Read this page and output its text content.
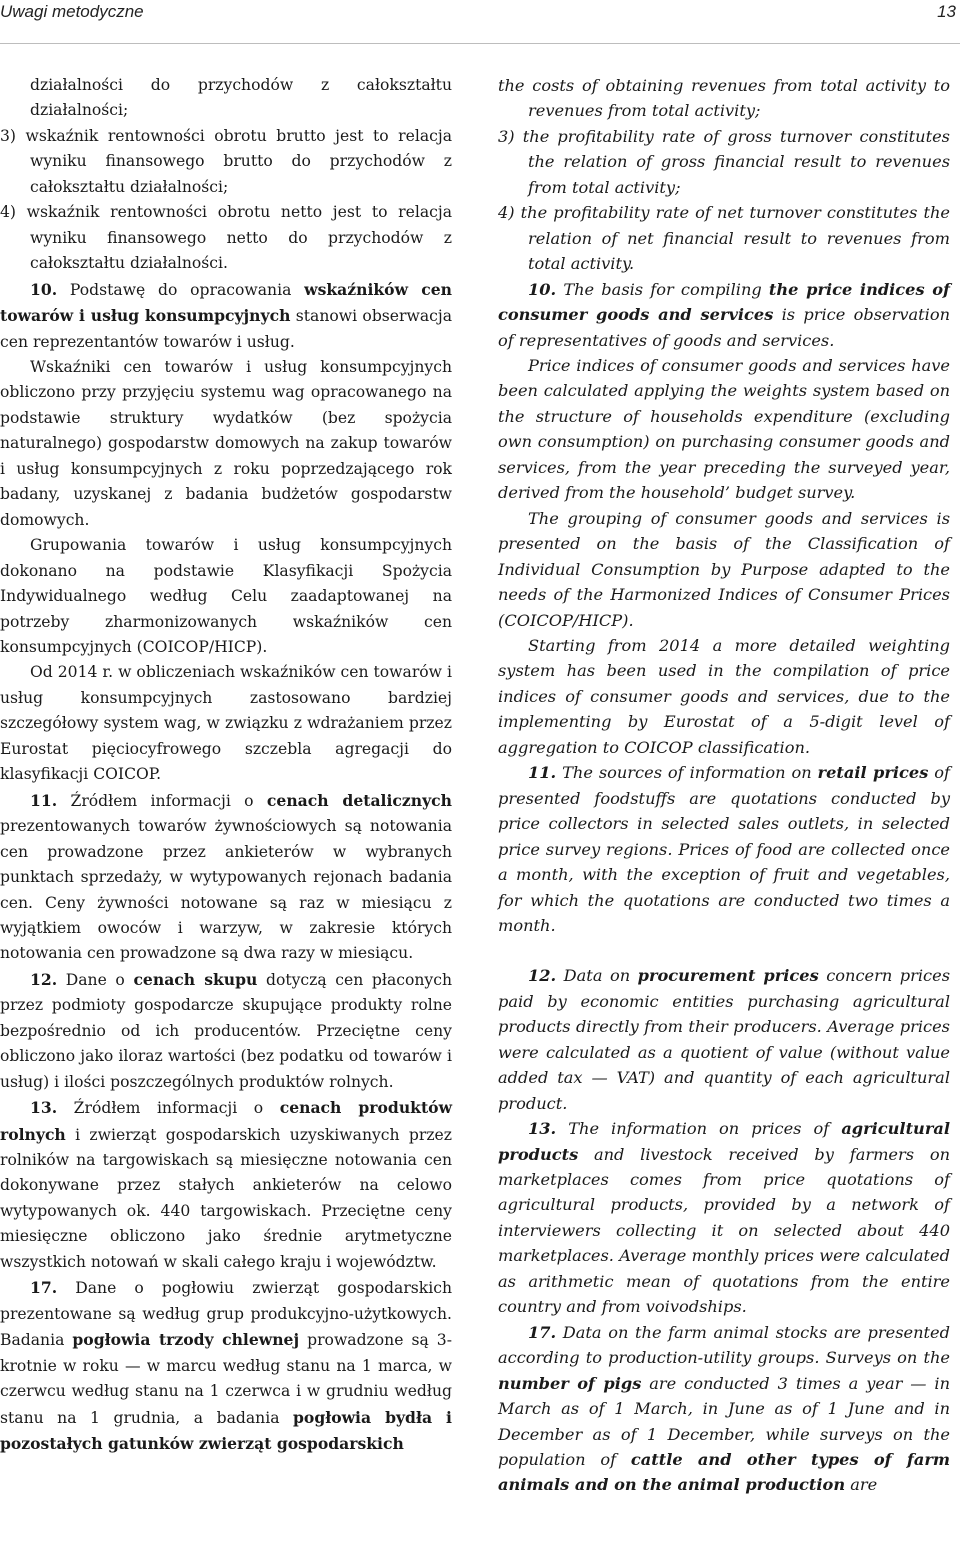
Uwagi metodyczne	13

działalności do przychodów z całokształtu działalności;

3) wskaźnik rentowności obrotu brutto jest to relacja wyniku finansowego brutto do przychodów z całokształtu działalności;

4) wskaźnik rentowności obrotu netto jest to relacja wyniku finansowego netto do przychodów z całokształtu działalności.

10. Podstawę do opracowania wskaźników cen towarów i usług konsumpcyjnych stanowi obserwacja cen reprezentantów towarów i usług.

Wskaźniki cen towarów i usług konsumpcyjnych obliczono przy przyjęciu systemu wag opracowanego na podstawie struktury wydatków (bez spożycia naturalnego) gospodarstw domowych na zakup towarów i usług konsumpcyjnych z roku poprzedzającego rok badany, uzyskanej z badania budżetów gospodarstw domowych.

Grupowania towarów i usług konsumpcyjnych dokonano na podstawie Klasyfikacji Spożycia Indywidualnego według Celu zaadaptowanej na potrzeby zharmonizowanych wskaźników cen konsumpcyjnych (COICOP/HICP).

Od 2014 r. w obliczeniach wskaźników cen towarów i usług konsumpcyjnych zastosowano bardziej szczegółowy system wag, w związku z wdrażaniem przez Eurostat pięciocyfrowego szczebla agregacji do klasyfikacji COICOP.

11. Źródłem informacji o cenach detalicznych prezentowanych towarów żywnościowych są notowania cen prowadzone przez ankieterów w wybranych punktach sprzedaży, w wytypowanych rejonach badania cen. Ceny żywności notowane są raz w miesiącu z wyjątkiem owoców i warzyw, w zakresie których notowania cen prowadzone są dwa razy w miesiącu.

12. Dane o cenach skupu dotyczą cen płaconych przez podmioty gospodarcze skupujące produkty rolne bezpośrednio od ich producentów. Przeciętne ceny obliczono jako iloraz wartości (bez podatku od towarów i usług) i ilości poszczególnych produktów rolnych.

13. Źródłem informacji o cenach produktów rolnych i zwierząt gospodarskich uzyskiwanych przez rolników na targowiskach są miesięczne notowania cen dokonywane przez stałych ankieterów na celowo wytypowanych ok. 440 targowiskach. Przeciętne ceny miesięczne obliczono jako średnie arytmetyczne wszystkich notowań w skali całego kraju i województw.

17. Dane o pogłowiu zwierząt gospodarskich prezentowane są według grup produkcyjno-użytkowych. Badania pogłowia trzody chlewnej prowadzone są 3-krotnie w roku — w marcu według stanu na 1 marca, w czerwcu według stanu na 1 czerwca i w grudniu według stanu na 1 grudnia, a badania pogłowia bydła i pozostałych gatunków zwierząt gospodarskich

the costs of obtaining revenues from total activity to revenues from total activity;

3) the profitability rate of gross turnover constitutes the relation of gross financial result to revenues from total activity;

4) the profitability rate of net turnover constitutes the relation of net financial result to revenues from total activity.

10. The basis for compiling the price indices of consumer goods and services is price observation of representatives of goods and services.

Price indices of consumer goods and services have been calculated applying the weights system based on the structure of households expenditure (excluding own consumption) on purchasing consumer goods and services, from the year preceding the surveyed year, derived from the household’ budget survey.

The grouping of consumer goods and services is presented on the basis of the Classification of Individual Consumption by Purpose adapted to the needs of the Harmonized Indices of Consumer Prices (COICOP/HICP).

Starting from 2014 a more detailed weighting system has been used in the compilation of price indices of consumer goods and services, due to the implementing by Eurostat of a 5-digit level of aggregation to COICOP classification.

11. The sources of information on retail prices of presented foodstuffs are quotations conducted by price collectors in selected sales outlets, in selected price survey regions. Prices of food are collected once a month, with the exception of fruit and vegetables, for which the quotations are conducted two times a month.

12. Data on procurement prices concern prices paid by economic entities purchasing agricultural products directly from their producers. Average prices were calculated as a quotient of value (without value added tax — VAT) and quantity of each agricultural product.

13. The information on prices of agricultural products and livestock received by farmers on marketplaces comes from price quotations of agricultural products, provided by a network of interviewers collecting it on selected about 440 marketplaces. Average monthly prices were calculated as arithmetic mean of quotations from the entire country and from voivodships.

17. Data on the farm animal stocks are presented according to production-utility groups. Surveys on the number of pigs are conducted 3 times a year — in March as of 1 March, in June as of 1 June and in December as of 1 December, while surveys on the population of cattle and other types of farm animals and on the animal production are
